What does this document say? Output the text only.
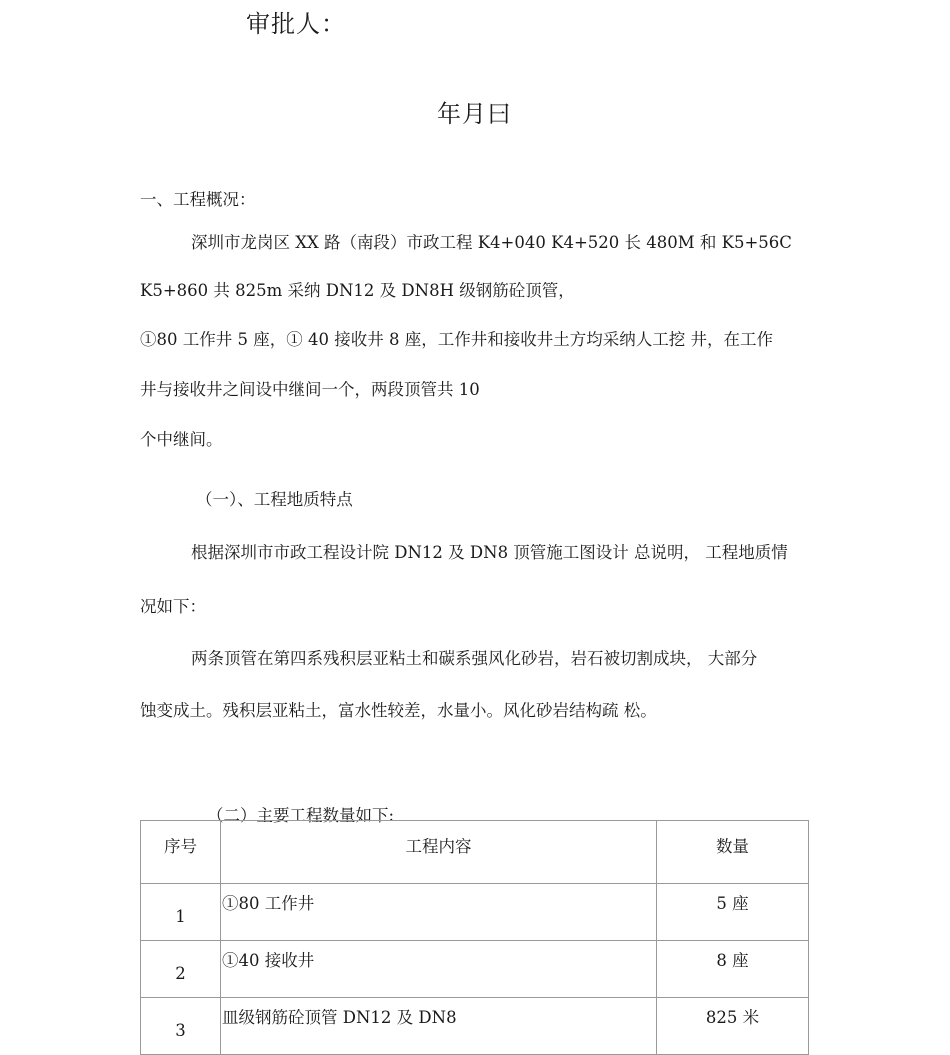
审批人：
年月曰
一、工程概况：
深圳市龙岗区 XX 路（南段）市政工程 K4+040 K4+520 长 480M 和 K5+56C
K5+860 共 825m 采纳 DN12 及 DN8H 级钢筋砼顶管，
①80 工作井 5 座，① 40 接收井 8 座，工作井和接收井土方均采纳人工挖 井，在工作
井与接收井之间设中继间一个，两段顶管共 10
个中继间。
（一）、工程地质特点
根据深圳市市政工程设计院 DN12 及 DN8 顶管施工图设计 总说明， 工程地质情
况如下：
两条顶管在第四系残积层亚粘土和碳系强风化砂岩，岩石被切割成块， 大部分
蚀变成土。残积层亚粘土，富水性较差，水量小。风化砂岩结构疏 松。
（二）主要工程数量如下:
序号	工程内容	数量
1	①80 工作井	5 座
2	①40 接收井	8 座
3	皿级钢筋砼顶管 DN12 及 DN8	825 米
